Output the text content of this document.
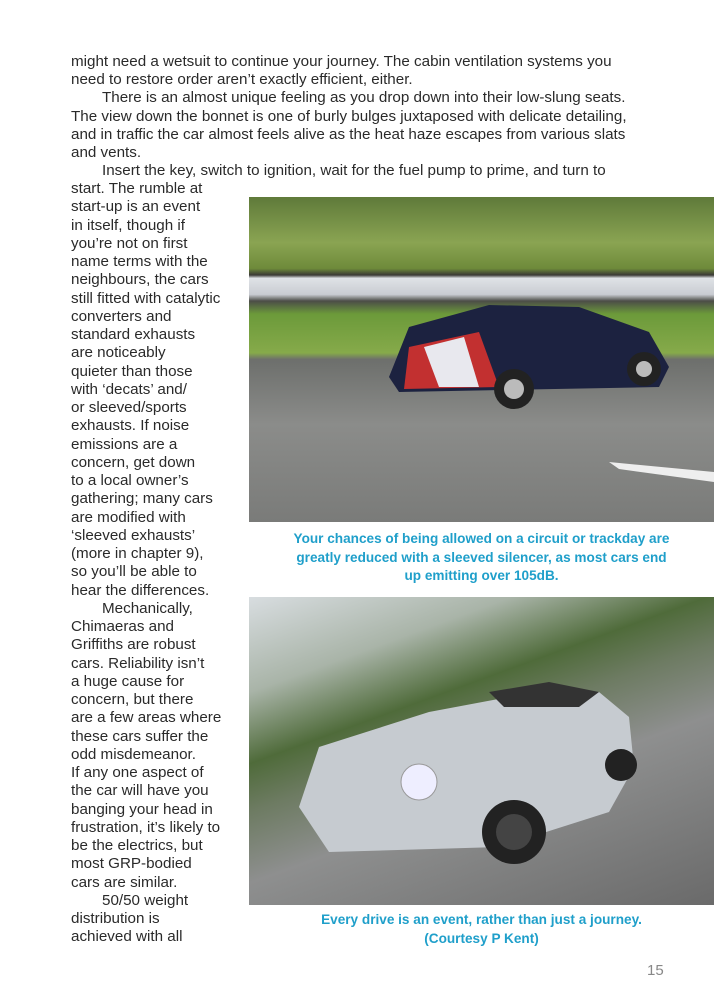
might need a wetsuit to continue your journey. The cabin ventilation systems you
need to restore order aren’t exactly efficient, either.
There is an almost unique feeling as you drop down into their low-slung seats.
The view down the bonnet is one of burly bulges juxtaposed with delicate detailing,
and in traffic the car almost feels alive as the heat haze escapes from various slats
and vents.
Insert the key, switch to ignition, wait for the fuel pump to prime, and turn to
start. The rumble at
start-up is an event
in itself, though if
you’re not on first
name terms with the
neighbours, the cars
still fitted with catalytic
converters and
standard exhausts
are noticeably
quieter than those
with ‘decats’ and/
or sleeved/sports
exhausts. If noise
emissions are a
concern, get down
to a local owner’s
gathering; many cars
are modified with
‘sleeved exhausts’
(more in chapter 9),
so you’ll be able to
hear the differences.
Mechanically,
Chimaeras and
Griffiths are robust
cars. Reliability isn’t
a huge cause for
concern, but there
are a few areas where
these cars suffer the
odd misdemeanor.
If any one aspect of
the car will have you
banging your head in
frustration, it’s likely to
be the electrics, but
most GRP-bodied
cars are similar.
50/50 weight
distribution is
achieved with all
Your chances of being allowed on a circuit or trackday are
greatly reduced with a sleeved silencer, as most cars end
up emitting over 105dB.
Every drive is an event, rather than just a journey.
(Courtesy P Kent)
15
